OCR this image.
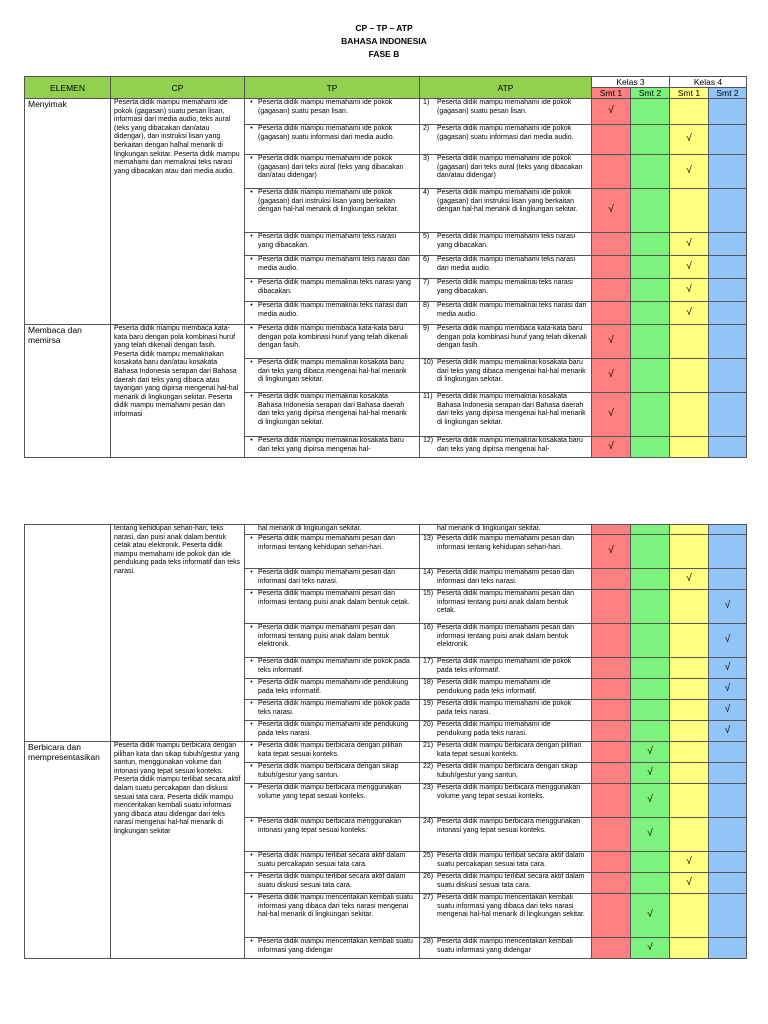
CP – TP – ATP
BAHASA INDONESIA
FASE B
ELEMEN	CP	TP	ATP	Kelas 3		Kelas 4	
				Smt 1	Smt 2	Smt 1	Smt 2
Menyimak	Peserta didik mampu memahami ide pokok (gagasan) suatu pesan lisan, informasi dari media audio, teks aural (teks yang dibacakan dan/atau didengar), dan instruksi lisan yang berkaitan dengan halhal menarik di lingkungan sekitar. Peserta didik mampu memahami dan memaknai teks narasi yang dibacakan atau dari media audio.	• Peserta didik mampu memahami ide pokok (gagasan) suatu pesan lisan.	1) Peserta didik mampu memahami ide pokok (gagasan) suatu pesan lisan.	√			
		• Peserta didik mampu memahami ide pokok (gagasan) suatu informasi dari media audio.	2) Peserta didik mampu memahami ide pokok (gagasan) suatu informasi dari media audio.			√	
		• Peserta didik mampu memahami ide pokok (gagasan) dari teks aural (teks yang dibacakan dan/atau didengar)	3) Peserta didik mampu memahami ide pokok (gagasan) dari teks aural (teks yang dibacakan dan/atau didengar)			√	
		• Peserta didik mampu memahami ide pokok (gagasan) dari instruksi lisan yang berkaitan dengan hal-hal menarik di lingkungan sekitar.	4) Peserta didik mampu memahami ide pokok (gagasan) dari instruksi lisan yang berkaitan dengan hal-hal menarik di lingkungan sekitar.	√			
		• Peserta didik mampu memahami teks narasi yang dibacakan.	5) Peserta didik mampu memahami teks narasi yang dibacakan.			√	
		• Peserta didik mampu memahami teks narasi dari media audio.	6) Peserta didik mampu memahami teks narasi dari media audio.			√	
		• Peserta didik mampu memaknai teks narasi yang dibacakan.	7) Peserta didik mampu memaknai teks narasi yang dibacakan.			√	
		• Peserta didik mampu memaknai teks narasi dari media audio.	8) Peserta didik mampu memaknai teks narasi dari media audio.			√	
Membaca dan memirsa	Peserta didik mampu membaca kata-kata baru dengan pola kombinasi huruf yang telah dikenali dengan fasih. Peserta didik mampu memaknakan kosakata baru dan/atau kosakata Bahasa Indonesia serapan dari Bahasa daerah dari teks yang dibaca atau tayangan yang dipirsa mengenai hal-hal menarik di lingkungan sekitar. Peserta didik mampu memahami pesan dan informasi	• Peserta didik mampu membaca kata-kata baru dengan pola kombinasi huruf yang telah dikenali dengan fasih.	9) Peserta didik mampu membaca kata-kata baru dengan pola kombinasi huruf yang telah dikenali dengan fasih.	√			
		• Peserta didik mampu memaknai kosakata baru dari teks yang dibaca mengenai hal-hal menarik di lingkungan sekitar.	10) Peserta didik mampu memaknai kosakata baru dari teks yang dibaca mengenai hal-hal menarik di lingkungan sekitar.	√			
		• Peserta didik mampu memaknai kosakata Bahasa Indonesia serapan dari Bahasa daerah dari teks yang dipirsa mengenai hal-hal menarik di lingkungan sekitar.	11) Peserta didik mampu memaknai kosakata Bahasa Indonesia serapan dari Bahasa daerah dari teks yang dipirsa mengenai hal-hal menarik di lingkungan sekitar.	√			
		• Peserta didik mampu memaknai kosakata baru dari teks yang dipirsa mengenai hal-	12) Peserta didik mampu memaknai kosakata baru dari teks yang dipirsa mengenai hal-	√			
	tentang kehidupan sehari-hari, teks narasi, dan puisi anak dalam bentuk cetak atau elektronik. Peserta didik mampu memahami ide pokok dan ide pendukung pada teks informatif dan teks narasi.	hal menarik di lingkungan sekitar.	hal menarik di lingkungan sekitar.				
		• Peserta didik mampu memahami pesan dan informasi tentang kehidupan sehari-hari.	13) Peserta didik mampu memahami pesan dan informasi tentang kehidupan sehari-hari.	√			
		• Peserta didik mampu memahami pesan dan informasi dari teks narasi.	14) Peserta didik mampu memahami pesan dan informasi dari teks narasi.			√	
		• Peserta didik mampu memahami pesan dan informasi tentang puisi anak dalam bentuk cetak.	15) Peserta didik mampu memahami pesan dan informasi tentang puisi anak dalam bentuk cetak.				√
		• Peserta didik mampu memahami pesan dan informasi tentang puisi anak dalam bentuk elektronik.	16) Peserta didik mampu memahami pesan dan informasi tentang puisi anak dalam bentuk elektronik.				√
		• Peserta didik mampu memahami ide pokok pada teks informatif.	17) Peserta didik mampu memahami ide pokok pada teks informatif.				√
		• Peserta didik mampu memahami ide pendukung pada teks informatif.	18) Peserta didik mampu memahami ide pendukung pada teks informatif.				√
		• Peserta didik mampu memahami ide pokok pada teks narasi.	19) Peserta didik mampu memahami ide pokok pada teks narasi.				√
		• Peserta didik mampu memahami ide pendukung pada teks narasi.	20) Peserta didik mampu memahami ide pendukung pada teks narasi.				√
Berbicara dan mempresentasikan	Peserta didik mampu berbicara dengan pilihan kata dan sikap tubuh/gestur yang santun, menggunakan volume dan intonasi yang tepat sesuai konteks. Peserta didik mampu terlibat secara aktif dalam suatu percakapan dan diskusi sesuai tata cara. Peserta didik mampu menceritakan kembali suatu informasi yang dibaca atau didengar dari teks narasi mengenai hal-hal menarik di lingkungan sekitar	• Peserta didik mampu berbicara dengan pilihan kata tepat sesuai konteks.	21) Peserta didik mampu berbicara dengan pilihan kata tepat sesuai konteks.		√		
		• Peserta didik mampu berbicara dengan sikap tubuh/gestur yang santun.	22) Peserta didik mampu berbicara dengan sikap tubuh/gestur yang santun.		√		
		• Peserta didik mampu berbicara menggunakan volume yang tepat sesuai konteks.	23) Peserta didik mampu berbicara menggunakan volume yang tepat sesuai konteks.		√		
		• Peserta didik mampu berbicara menggunakan intonasi yang tepat sesuai konteks.	24) Peserta didik mampu berbicara menggunakan intonasi yang tepat sesuai konteks.		√		
		• Peserta didik mampu terlibat secara aktif dalam suatu percakapan sesuai tata cara.	25) Peserta didik mampu terlibat secara aktif dalam suatu percakapan sesuai tata cara.			√	
		• Peserta didik mampu terlibat secara aktif dalam suatu diskusi sesuai tata cara.	26) Peserta didik mampu terlibat secara aktif dalam suatu diskusi sesuai tata cara.			√	
		• Peserta didik mampu menceritakan kembali suatu informasi yang dibaca dari teks narasi mengenai hal-hal menarik di lingkungan sekitar.	27) Peserta didik mampu menceritakan kembali suatu informasi yang dibaca dari teks narasi mengenai hal-hal menarik di lingkungan sekitar.		√		
		• Peserta didik mampu menceritakan kembali suatu informasi yang didengar	28) Peserta didik mampu menceritakan kembali suatu informasi yang didengar		√		
